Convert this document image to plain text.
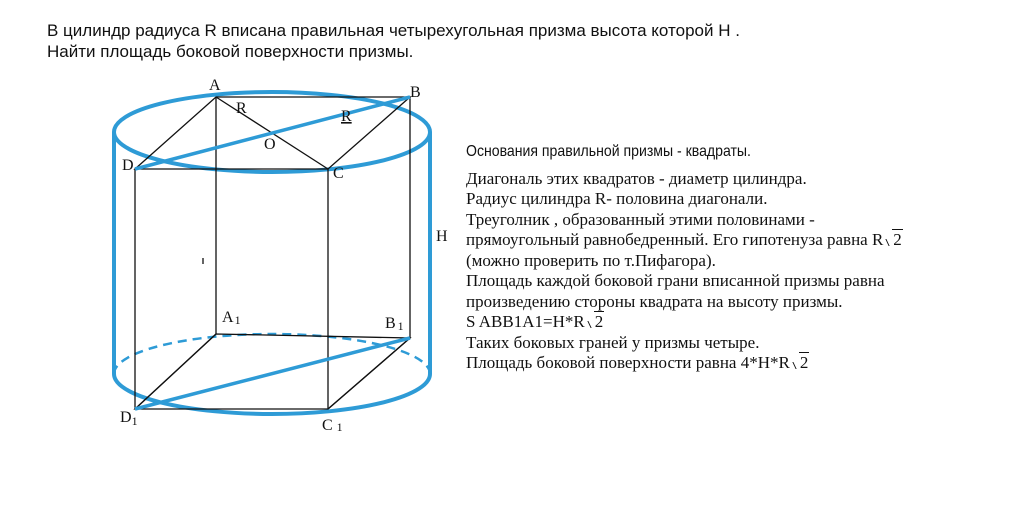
В цилиндр радиуса R вписана правильная четырехугольная призма высота которой H .
Найти площадь боковой поверхности призмы.
A	B
C
D
O
R	R
H
A1	B 1
C 1
D1
Основания правильной призмы - квадраты.
Диагональ этих квадратов - диаметр цилиндра.
Радиус цилиндра R- половина диагонали.
Треуголник , образованный этими половинами -
прямоугольный равнобедренный. Его гипотенуза равна R 2
(можно проверить по т.Пифагора).
Площадь каждой боковой грани вписанной призмы равна
произведению стороны квадрата на высоту призмы.
S ABB1A1=H*R 2
Таких боковых граней у призмы четыре.
Площадь боковой поверхности равна 4*H*R 2
